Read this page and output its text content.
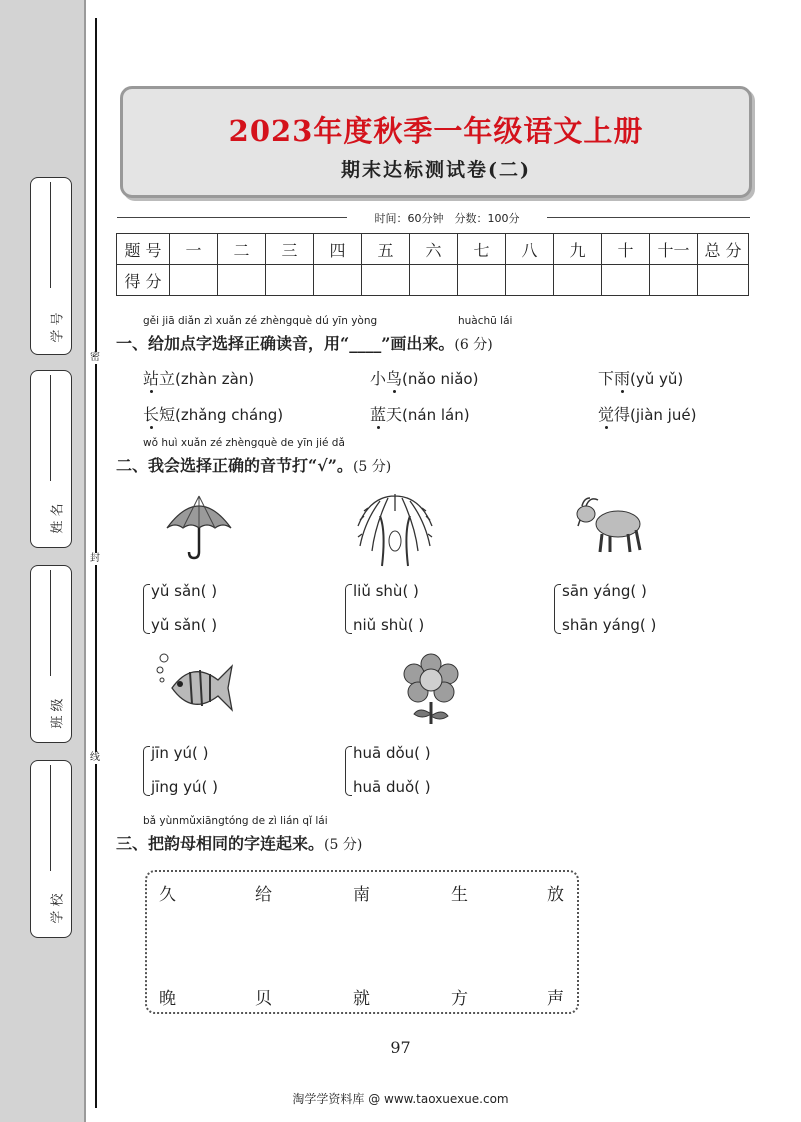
密
封
线
学 号
姓 名
班 级
学 校
2023年度秋季一年级语文上册
期末达标测试卷(二)
时间：60分钟　分数：100分
题 号	一	二	三	四	五	六	七	八	九	十	十一	总 分
得 分												
gěi jiā diǎn zì xuǎn zé zhèngquè dú yīn yòng	huàchū lái
一、给加点字选择正确读音，用“____”画出来。(6 分)
站立(zhàn zàn)	小鸟(nǎo niǎo)	下雨(yǔ yǔ)
长短(zhǎng cháng)	蓝天(nán lán)	觉得(jiàn jué)
wǒ huì xuǎn zé zhèngquè de yīn jié dǎ
二、我会选择正确的音节打“√”。(5 分)
yǔ sǎn( )
yǔ sǎn( )
liǔ shù( )
niǔ shù( )
sān yáng( )
shān yáng( )
jīn yú( )
jīng yú( )
huā dǒu( )
huā duǒ( )
bǎ yùnmǔxiāngtóng de zì lián qǐ lái
三、把韵母相同的字连起来。(5 分)
久	给	南	生	放
晚	贝	就	方	声
97
淘学学资料库 @ www.taoxuexue.com
